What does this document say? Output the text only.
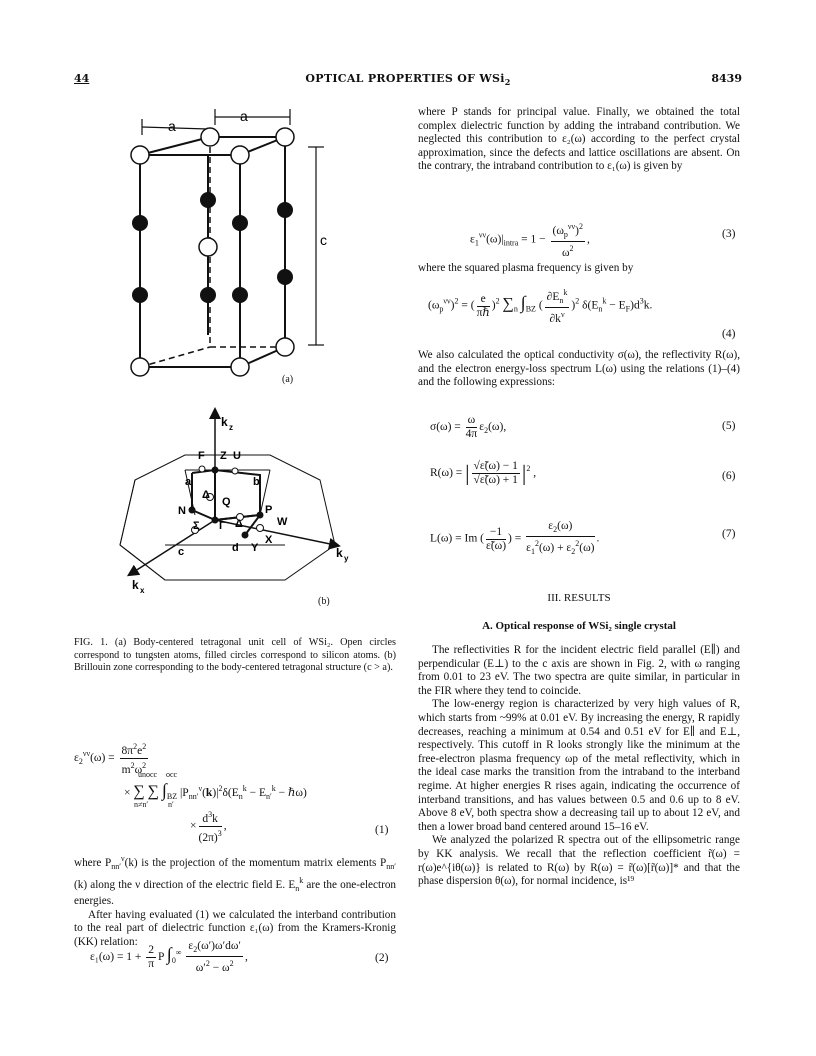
44	OPTICAL PROPERTIES OF WSi$_2$	8439
a
a
c
(a)
k z
k y
k x
F Z U
a	b
N
Δ
Q
P
Γ Δ	W
Σ
c	d Y
X
(b)
FIG. 1. (a) Body-centered tetragonal unit cell of WSi₂. Open circles correspond to tungsten atoms, filled circles correspond to silicon atoms. (b) Brillouin zone corresponding to the body-centered tetragonal structure (c > a).
$\varepsilon_2^{\nu\nu}(\omega) = \frac{8\pi^2e^2}{m^2\omega^2}$
unocc occ
× ∑ ∑ $\int_{BZ}$ $|P_{nn'}^\nu(k)|^2\delta(E_n^k - E_{n'}^k$ − ℏω)
n≠n′ n′
× $\frac{d^3k}{(2\pi)^3}$ ,	(1)

where $P_{nn'}^\nu(k)$ is the projection of the momentum matrix elements $P_{nn'}(k)$ along the ν direction of the electric field E. $E_n^k$ are the one-electron energies.

After having evaluated (1) we calculated the interband contribution to the real part of dielectric function ε₁(ω) from the Kramers-Kronig (KK) relation:

$\varepsilon_1(\omega) = 1 + \frac{2}{\pi}$ P $\int_0^\infty \frac{\varepsilon_2(\omega')\omega'd\omega'}{\omega'^2 - \omega^2}$ ,	(2)
where P stands for principal value. Finally, we obtained the total complex dielectric function by adding the intraband contribution. We neglected this contribution to ε₂(ω) according to the perfect crystal approximation, since the defects and lattice oscillations are absent. On the contrary, the intraband contribution to ε₁(ω) is given by
$\varepsilon_1^{\nu\nu}(\omega)|_{intra} = 1 - \frac{(\omega_p^{\nu\nu})^2}{\omega^2}$ ,	(3)
where the squared plasma frequency is given by
$(\omega_p^{\nu\nu})^2$ = ( $\frac{e}{\text{πℏ}} )^2$ $\sum_n$ $\int_{BZ}$ ( $\frac{\partial E_n^k}{\partial k^\nu} )^2$ $\delta(E_n^k - E_F)d^3k$.
(4)
We also calculated the optical conductivity σ(ω), the reflectivity R(ω), and the electron energy-loss spectrum L(ω) using the relations (1)–(4) and the following expressions:
$\sigma(\omega) = \frac{\omega}{4\pi} \varepsilon_2(\omega)$,	(5)
R(ω) = | $\frac{√\varepsiloñ(\omega) - 1}{√\varepsiloñ(\omega) + 1} |^2$ ,	(6)
L(ω) = Im ( $\frac{-1}{\varepsiloñ(\omega)}$ ) = $\frac{\varepsilon_2(\omega)}{\varepsilon_1^2(\omega) + \varepsilon_2^2(\omega)}$ .	(7)
III. RESULTS
A. Optical response of WSi₂ single crystal

The reflectivities R for the incident electric field parallel (E∥) and perpendicular (E⊥) to the c axis are shown in Fig. 2, with ω ranging from 0.01 to 23 eV. The two spectra are quite similar, in particular in the FIR where they tend to coincide.

The low-energy region is characterized by very high values of R, which starts from ~99% at 0.01 eV. By increasing the energy, R rapidly decreases, reaching a minimum at 0.54 and 0.51 eV for E∥ and E⊥, respectively. This cutoff in R looks strongly like the minimum at the free-electron plasma frequency ωp of the metal reflectivity, which in the ideal case marks the transition from the intraband to the interband regime. At higher energies R rises again, indicating the occurrence of interband transitions, and has values between 0.5 and 0.6 up to 8 eV. Above 8 eV, both spectra show a decreasing tail up to about 12 eV, and then a lower broad band centered around 15–16 eV.

We analyzed the polarized R spectra out of the ellipsometric range by KK analysis. We recall that the reflection coefficient r̃(ω) = r(ω)e^{iθ(ω)} is related to R(ω) by R(ω) = r̃(ω)[r̃(ω)]* and that the phase dispersion θ(ω), for normal incidence, is¹⁹
